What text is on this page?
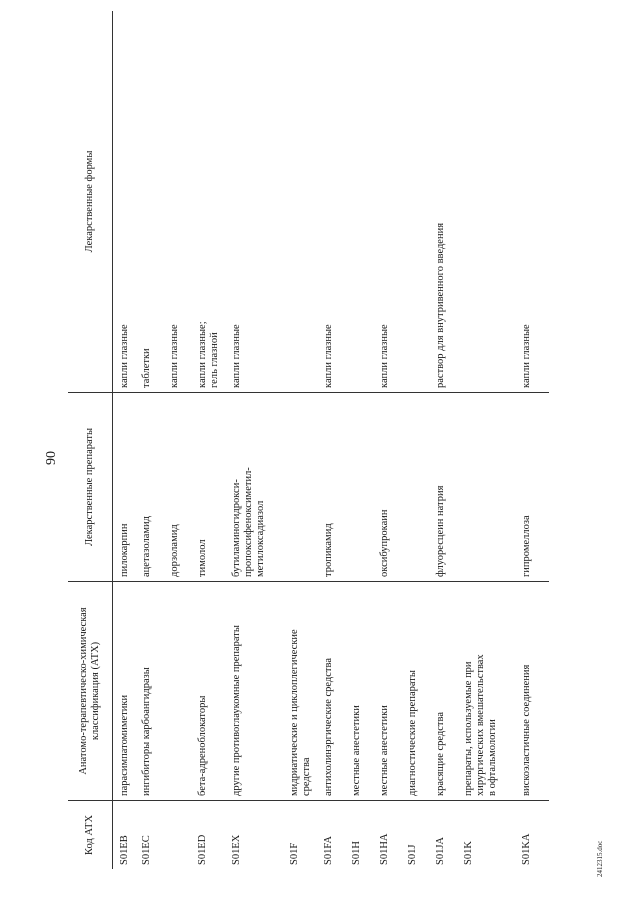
90
Код АТХ	Анатомо-терапевтическо-химическая
классификация (АТХ)	Лекарственные препараты	Лекарственные формы
S01EB	парасимпатомиметики	пилокарпин	капли глазные
S01EC	ингибиторы карбоангидразы	ацетазоламид	таблетки
		дорзоламид	капли глазные
S01ED	бета-адреноблокаторы	тимолол	капли глазные;
гель глазной
S01EX	другие противоглаукомные препараты	бутиламиногидрокси-
пропоксифеноксиметил-
метилоксадиазол	капли глазные
S01F	мидриатические и циклоплегические
средства		
S01FA	антихолинэргические средства	тропикамид	капли глазные
S01H	местные анестетики		
S01HA	местные анестетики	оксибупрокаин	капли глазные
S01J	диагностические препараты		
S01JA	красящие средства	флуоресцеин натрия	раствор для внутривенного введения
S01K	препараты, используемые при
хирургических вмешательствах
в офтальмологии		
S01KA	вискоэластичные соединения	гипромеллоза	капли глазные
2412315.doc
